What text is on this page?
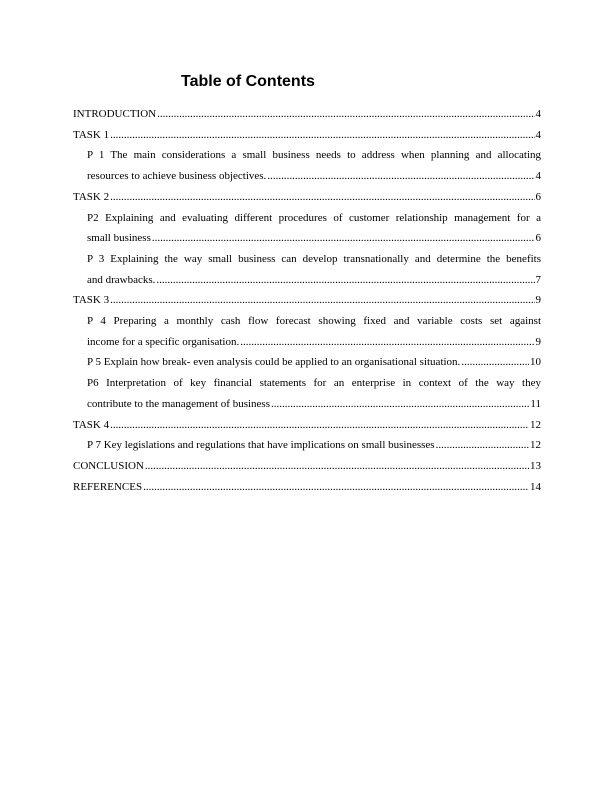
Table of Contents
INTRODUCTION .....	4
TASK 1 .....	4
P 1 The main considerations a small business needs to address when planning and allocating
resources to achieve business objectives. .....	4
TASK 2 .....	6
P2 Explaining and evaluating different procedures of customer relationship management for a
small business .....	6
P 3 Explaining the way small business can develop transnationally and determine the benefits
and drawbacks. .....	7
TASK 3 .....	9
P 4 Preparing a monthly cash flow forecast showing fixed and variable costs set against
income for a specific organisation. .....	9
P 5 Explain how break- even analysis could be applied to an organisational situation. .....	10
P6 Interpretation of key financial statements for an enterprise in context of the way they
contribute to the management of business .....	11
TASK 4 .....	12
P 7 Key legislations and regulations that have implications on small businesses .....	12
CONCLUSION .....	13
REFERENCES .....	14
